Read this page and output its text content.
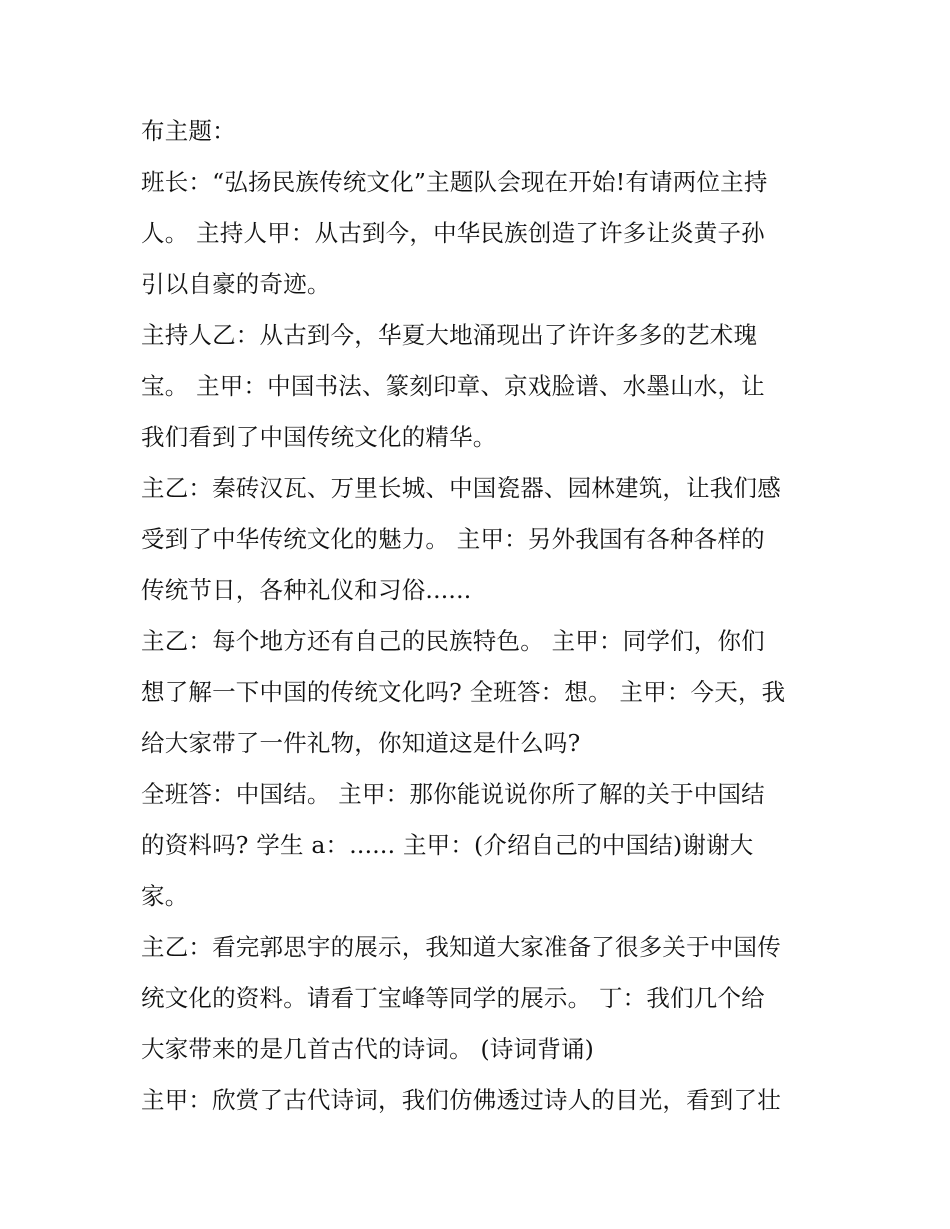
布主题：
班长：“弘扬民族传统文化”主题队会现在开始!有请两位主持
人。 主持人甲：从古到今，中华民族创造了许多让炎黄子孙
引以自豪的奇迹。
主持人乙：从古到今，华夏大地涌现出了许许多多的艺术瑰
宝。 主甲：中国书法、篆刻印章、京戏脸谱、水墨山水，让
我们看到了中国传统文化的精华。
主乙：秦砖汉瓦、万里长城、中国瓷器、园林建筑，让我们感
受到了中华传统文化的魅力。 主甲：另外我国有各种各样的
传统节日，各种礼仪和习俗......
主乙：每个地方还有自己的民族特色。 主甲：同学们，你们
想了解一下中国的传统文化吗? 全班答：想。 主甲：今天，我
给大家带了一件礼物，你知道这是什么吗?
全班答：中国结。 主甲：那你能说说你所了解的关于中国结
的资料吗? 学生 a：...... 主甲：(介绍自己的中国结)谢谢大
家。
主乙：看完郭思宇的展示，我知道大家准备了很多关于中国传
统文化的资料。请看丁宝峰等同学的展示。 丁：我们几个给
大家带来的是几首古代的诗词。 (诗词背诵)
主甲：欣赏了古代诗词，我们仿佛透过诗人的目光，看到了壮
